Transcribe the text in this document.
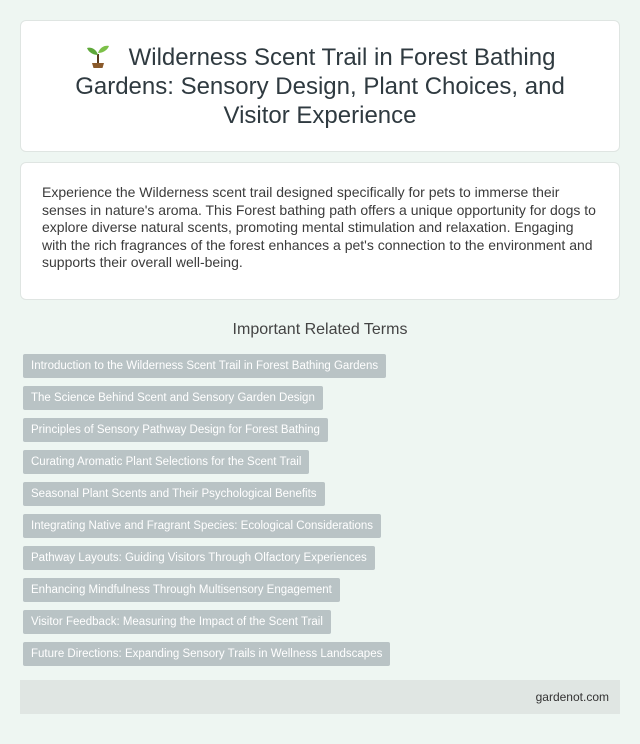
Wilderness Scent Trail in Forest Bathing Gardens: Sensory Design, Plant Choices, and Visitor Experience

Experience the Wilderness scent trail designed specifically for pets to immerse their senses in nature's aroma. This Forest bathing path offers a unique opportunity for dogs to explore diverse natural scents, promoting mental stimulation and relaxation. Engaging with the rich fragrances of the forest enhances a pet's connection to the environment and supports their overall well-being.

Important Related Terms
Introduction to the Wilderness Scent Trail in Forest Bathing Gardens
The Science Behind Scent and Sensory Garden Design
Principles of Sensory Pathway Design for Forest Bathing
Curating Aromatic Plant Selections for the Scent Trail
Seasonal Plant Scents and Their Psychological Benefits
Integrating Native and Fragrant Species: Ecological Considerations
Pathway Layouts: Guiding Visitors Through Olfactory Experiences
Enhancing Mindfulness Through Multisensory Engagement
Visitor Feedback: Measuring the Impact of the Scent Trail
Future Directions: Expanding Sensory Trails in Wellness Landscapes
gardenot.com
